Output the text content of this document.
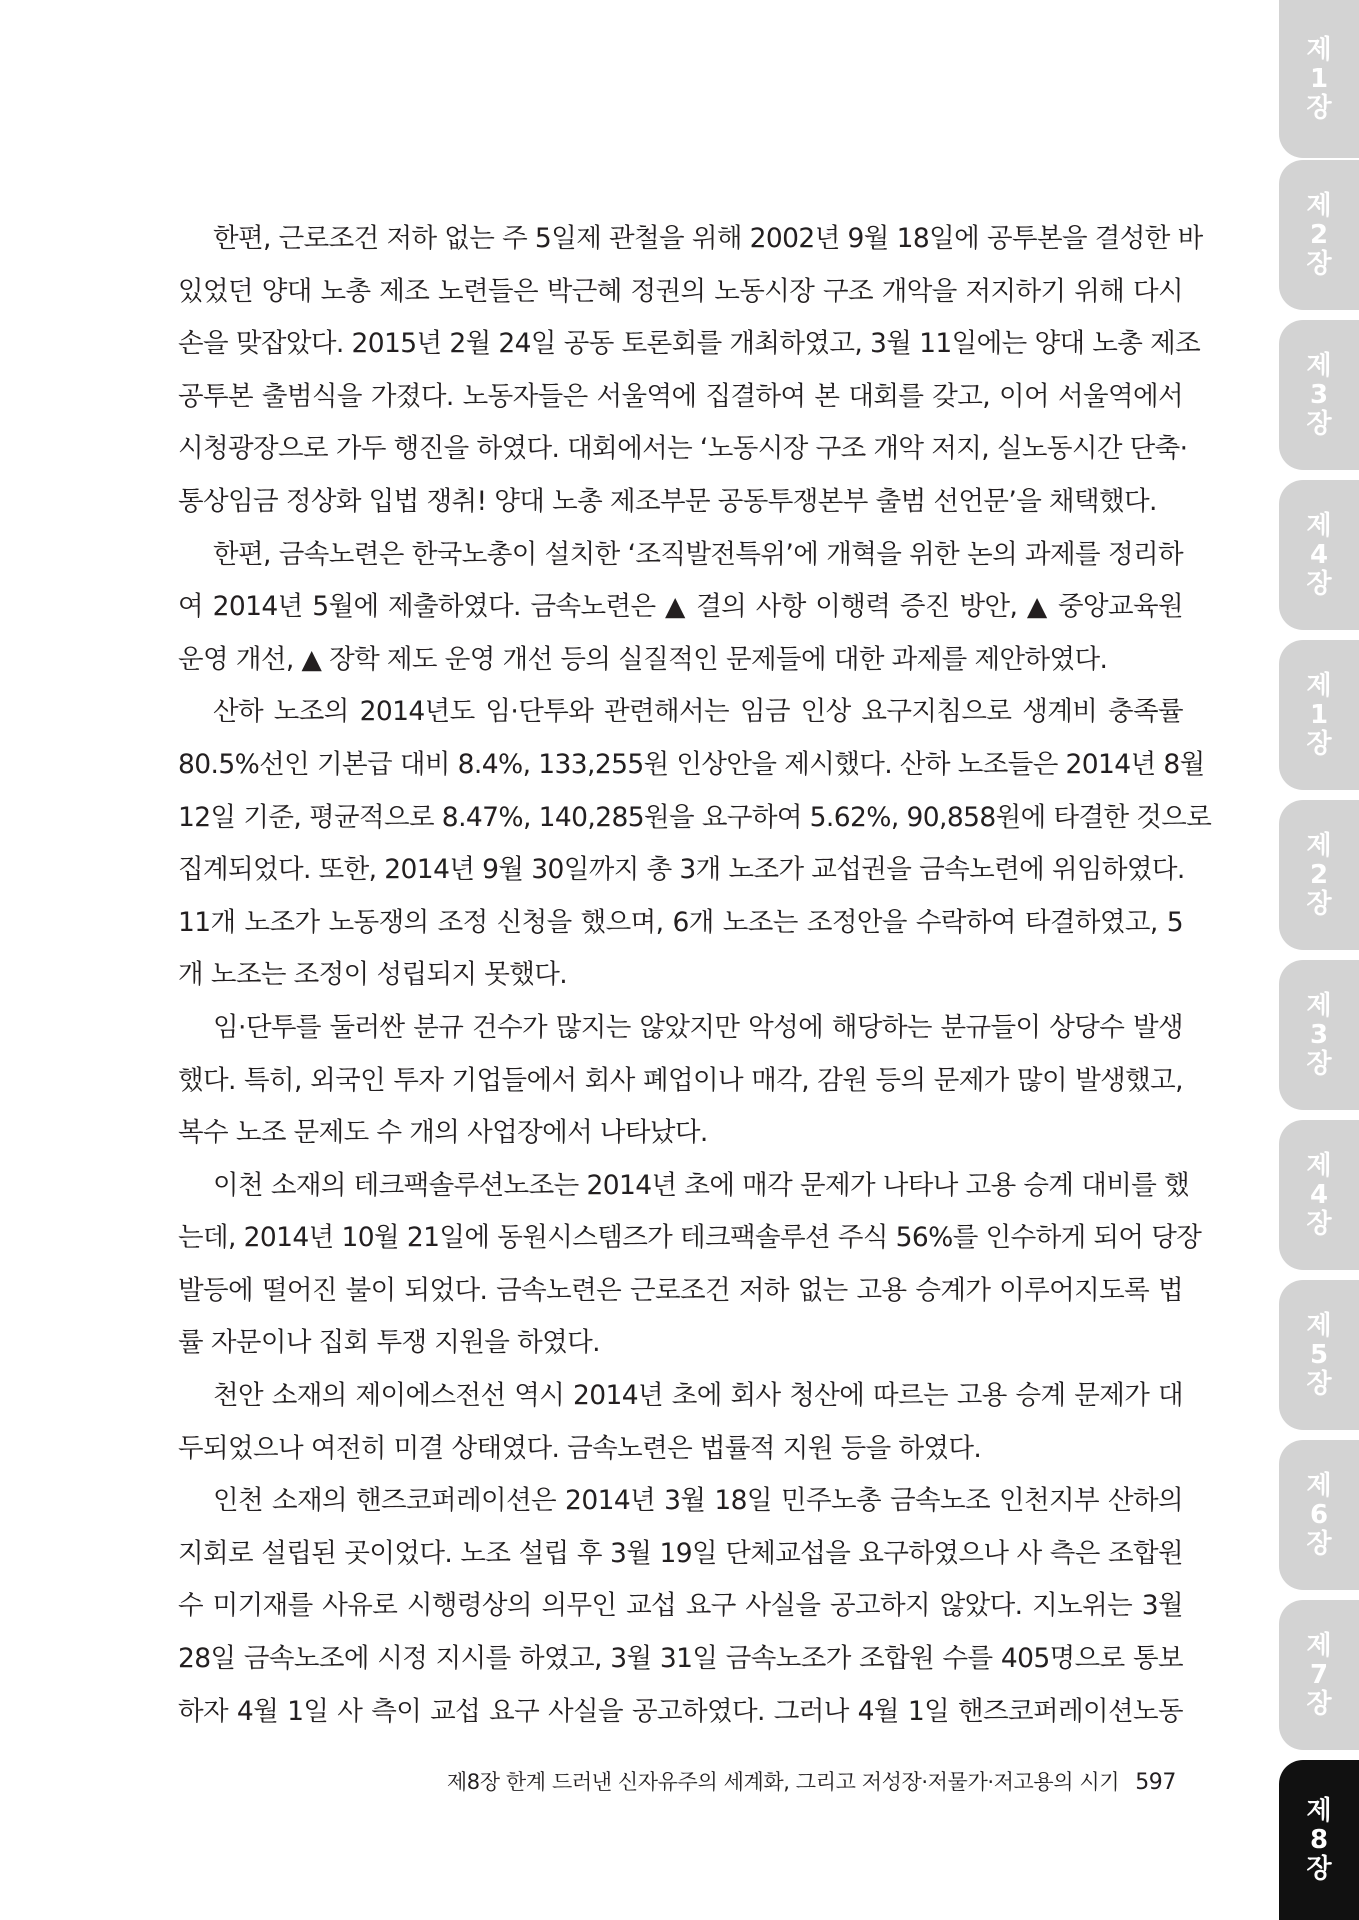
한편, 근로조건 저하 없는 주 5일제 관철을 위해 2002년 9월 18일에 공투본을 결성한 바
있었던 양대 노총 제조 노련들은 박근혜 정권의 노동시장 구조 개악을 저지하기 위해 다시
손을 맞잡았다. 2015년 2월 24일 공동 토론회를 개최하였고, 3월 11일에는 양대 노총 제조
공투본 출범식을 가졌다. 노동자들은 서울역에 집결하여 본 대회를 갖고, 이어 서울역에서
시청광장으로 가두 행진을 하였다. 대회에서는 ‘노동시장 구조 개악 저지, 실노동시간 단축·
통상임금 정상화 입법 쟁취! 양대 노총 제조부문 공동투쟁본부 출범 선언문’을 채택했다.
한편, 금속노련은 한국노총이 설치한 ‘조직발전특위’에 개혁을 위한 논의 과제를 정리하
여 2014년 5월에 제출하였다. 금속노련은 ▲ 결의 사항 이행력 증진 방안, ▲ 중앙교육원
운영 개선, ▲ 장학 제도 운영 개선 등의 실질적인 문제들에 대한 과제를 제안하였다.
산하 노조의 2014년도 임·단투와 관련해서는 임금 인상 요구지침으로 생계비 충족률
80.5%선인 기본급 대비 8.4%, 133,255원 인상안을 제시했다. 산하 노조들은 2014년 8월
12일 기준, 평균적으로 8.47%, 140,285원을 요구하여 5.62%, 90,858원에 타결한 것으로
집계되었다. 또한, 2014년 9월 30일까지 총 3개 노조가 교섭권을 금속노련에 위임하였다.
11개 노조가 노동쟁의 조정 신청을 했으며, 6개 노조는 조정안을 수락하여 타결하였고, 5
개 노조는 조정이 성립되지 못했다.
임·단투를 둘러싼 분규 건수가 많지는 않았지만 악성에 해당하는 분규들이 상당수 발생
했다. 특히, 외국인 투자 기업들에서 회사 폐업이나 매각, 감원 등의 문제가 많이 발생했고,
복수 노조 문제도 수 개의 사업장에서 나타났다.
이천 소재의 테크팩솔루션노조는 2014년 초에 매각 문제가 나타나 고용 승계 대비를 했
는데, 2014년 10월 21일에 동원시스템즈가 테크팩솔루션 주식 56%를 인수하게 되어 당장
발등에 떨어진 불이 되었다. 금속노련은 근로조건 저하 없는 고용 승계가 이루어지도록 법
률 자문이나 집회 투쟁 지원을 하였다.
천안 소재의 제이에스전선 역시 2014년 초에 회사 청산에 따르는 고용 승계 문제가 대
두되었으나 여전히 미결 상태였다. 금속노련은 법률적 지원 등을 하였다.
인천 소재의 핸즈코퍼레이션은 2014년 3월 18일 민주노총 금속노조 인천지부 산하의
지회로 설립된 곳이었다. 노조 설립 후 3월 19일 단체교섭을 요구하였으나 사 측은 조합원
수 미기재를 사유로 시행령상의 의무인 교섭 요구 사실을 공고하지 않았다. 지노위는 3월
28일 금속노조에 시정 지시를 하였고, 3월 31일 금속노조가 조합원 수를 405명으로 통보
하자 4월 1일 사 측이 교섭 요구 사실을 공고하였다. 그러나 4월 1일 핸즈코퍼레이션노동
제8장 한계 드러낸 신자유주의 세계화, 그리고 저성장·저물가·저고용의 시기 597
제
1
장
제
2
장
제
3
장
제
4
장
제
1
장
제
2
장
제
3
장
제
4
장
제
5
장
제
6
장
제
7
장
제
8
장
